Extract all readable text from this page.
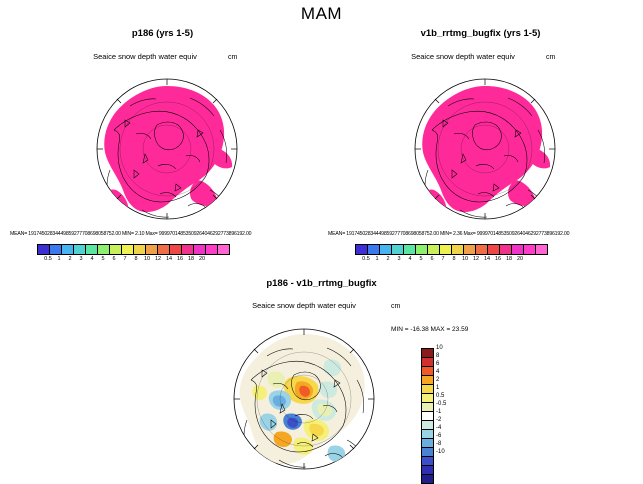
MAM
p186 (yrs 1-5)
Seaice snow depth water equiv	cm
MEAN= 19174502834449859277708698058752.00 MIN= 2.10 Max= 99997014853509264046292773896192.00
0.5	1	2	3	4	5	6	7	8	10 12 14 16 18 20
v1b_rrtmg_bugfix (yrs 1-5)
Seaice snow depth water equiv	cm
MEAN= 19174502834449859277708698058752.00 MIN= 2.36 Max= 99997014853509264046292773896192.00
0.5	1	2	3	4	5	6	7	8	10 12 14 16 18 20
p186 - v1b_rrtmg_bugfix
Seaice snow depth water equiv	cm
MIN = -16.38 MAX = 23.59
10
8
6
4
2
1
0.5
-0.5
-1
-2
-4
-6
-8
-10
